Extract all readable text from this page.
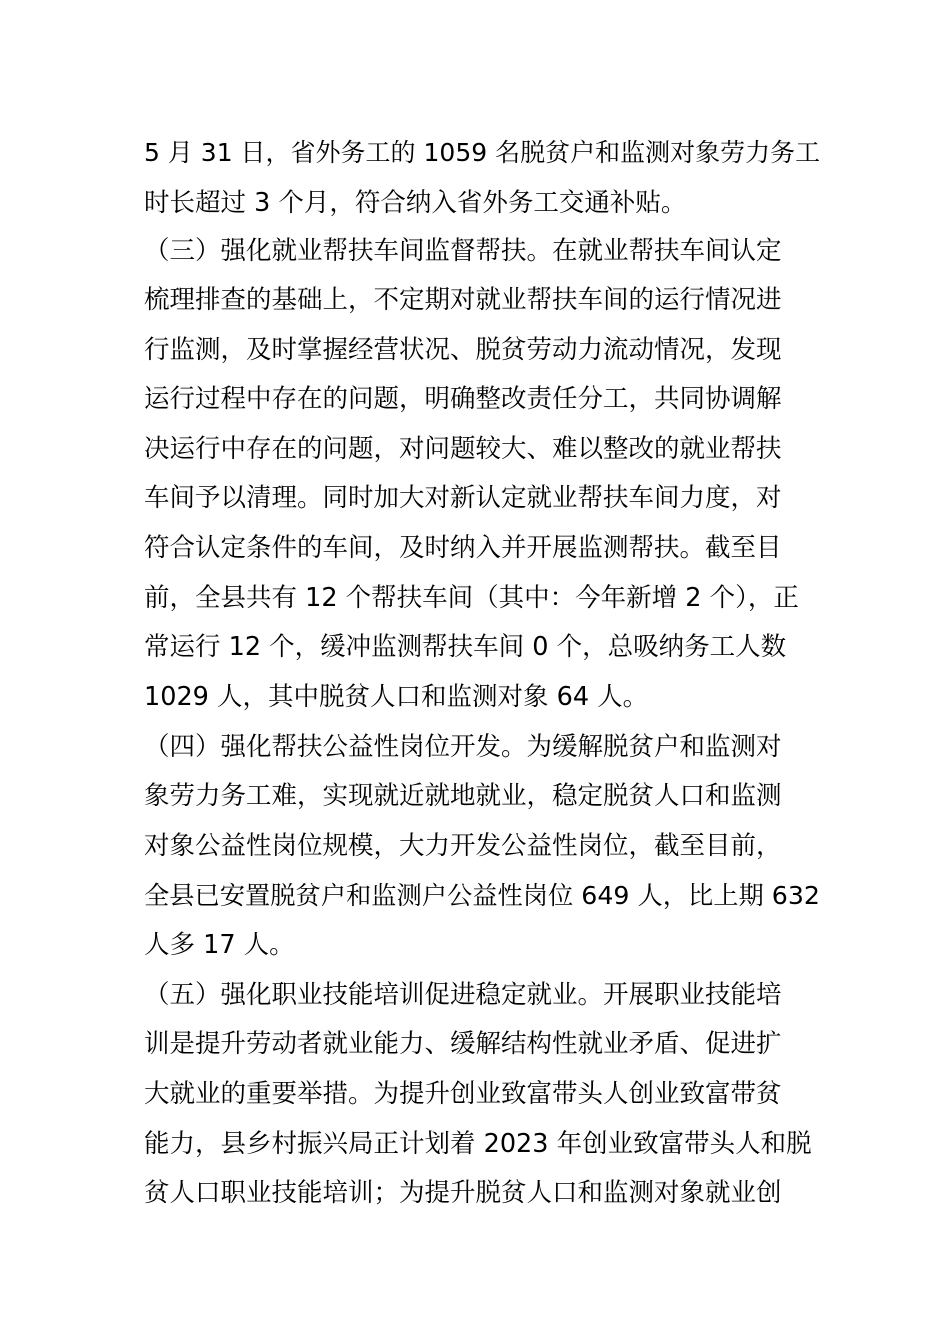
5 月 31 日，省外务工的 1059 名脱贫户和监测对象劳力务工
时长超过 3 个月，符合纳入省外务工交通补贴。
（三）强化就业帮扶车间监督帮扶。在就业帮扶车间认定
梳理排查的基础上，不定期对就业帮扶车间的运行情况进
行监测，及时掌握经营状况、脱贫劳动力流动情况，发现
运行过程中存在的问题，明确整改责任分工，共同协调解
决运行中存在的问题，对问题较大、难以整改的就业帮扶
车间予以清理。同时加大对新认定就业帮扶车间力度，对
符合认定条件的车间，及时纳入并开展监测帮扶。截至目
前，全县共有 12 个帮扶车间（其中：今年新增 2 个），正
常运行 12 个，缓冲监测帮扶车间 0 个，总吸纳务工人数
1029 人，其中脱贫人口和监测对象 64 人。
（四）强化帮扶公益性岗位开发。为缓解脱贫户和监测对
象劳力务工难，实现就近就地就业，稳定脱贫人口和监测
对象公益性岗位规模，大力开发公益性岗位，截至目前，
全县已安置脱贫户和监测户公益性岗位 649 人，比上期 632
人多 17 人。
（五）强化职业技能培训促进稳定就业。开展职业技能培
训是提升劳动者就业能力、缓解结构性就业矛盾、促进扩
大就业的重要举措。为提升创业致富带头人创业致富带贫
能力，县乡村振兴局正计划着 2023 年创业致富带头人和脱
贫人口职业技能培训；为提升脱贫人口和监测对象就业创
